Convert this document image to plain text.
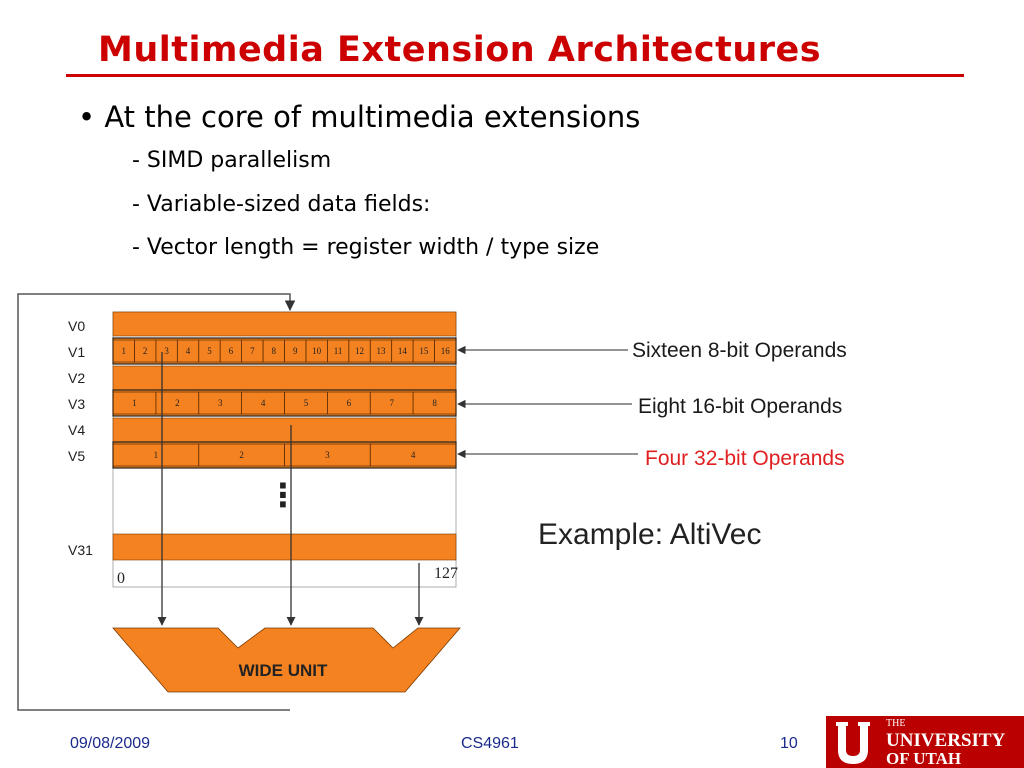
Multimedia Extension Architectures
• At the core of multimedia extensions
- SIMD parallelism
- Variable-sized data fields:
- Vector length = register width / type size
V0
V1
V2
V3
V4
V5
V31
1 2 3 4 5 6 7 8 9 10 11 12 13 14 15 16
1	2	3	4	5	6	7	8
1	2	3	4
⋮
0	127
Sixteen 8-bit Operands
Eight 16-bit Operands
Four 32-bit Operands
Example: AltiVec
WIDE UNIT
09/08/2009	CS4961	10
THE
UNIVERSITY
OF UTAH
